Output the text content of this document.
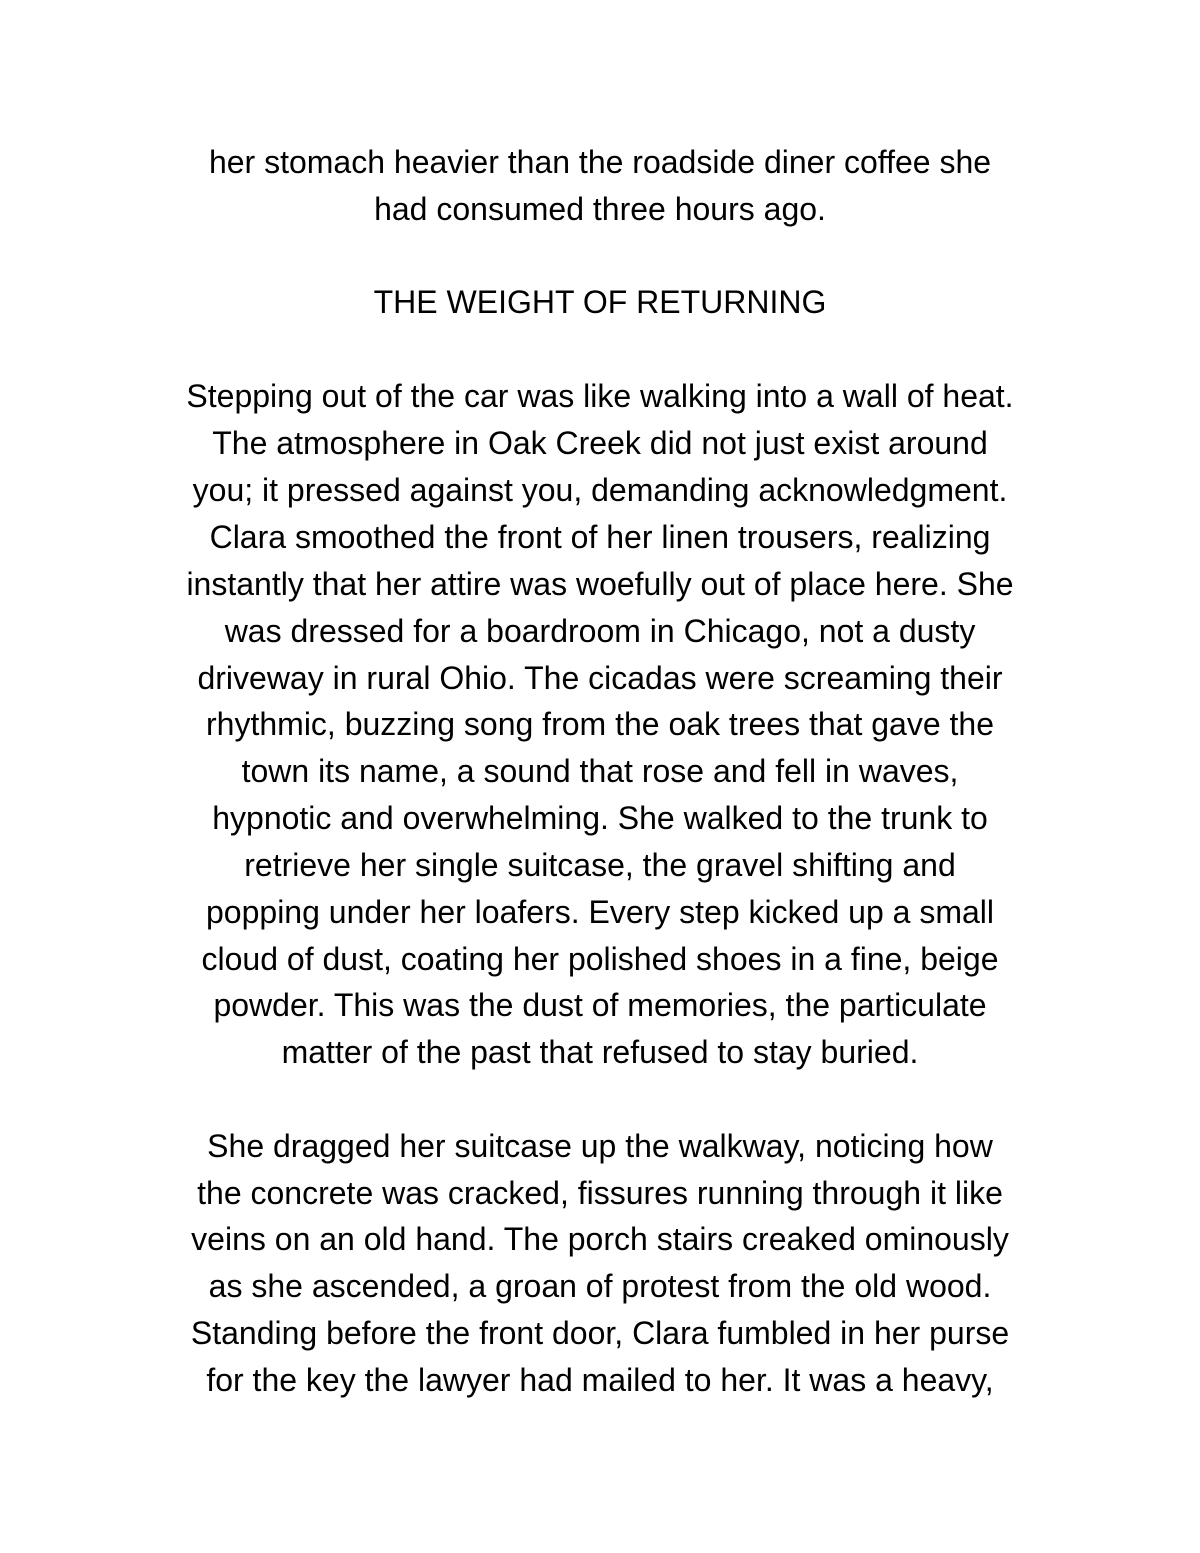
her stomach heavier than the roadside diner coffee she
had consumed three hours ago.
THE WEIGHT OF RETURNING
Stepping out of the car was like walking into a wall of heat.
The atmosphere in Oak Creek did not just exist around
you; it pressed against you, demanding acknowledgment.
Clara smoothed the front of her linen trousers, realizing
instantly that her attire was woefully out of place here. She
was dressed for a boardroom in Chicago, not a dusty
driveway in rural Ohio. The cicadas were screaming their
rhythmic, buzzing song from the oak trees that gave the
town its name, a sound that rose and fell in waves,
hypnotic and overwhelming. She walked to the trunk to
retrieve her single suitcase, the gravel shifting and
popping under her loafers. Every step kicked up a small
cloud of dust, coating her polished shoes in a fine, beige
powder. This was the dust of memories, the particulate
matter of the past that refused to stay buried.
She dragged her suitcase up the walkway, noticing how
the concrete was cracked, fissures running through it like
veins on an old hand. The porch stairs creaked ominously
as she ascended, a groan of protest from the old wood.
Standing before the front door, Clara fumbled in her purse
for the key the lawyer had mailed to her. It was a heavy,
